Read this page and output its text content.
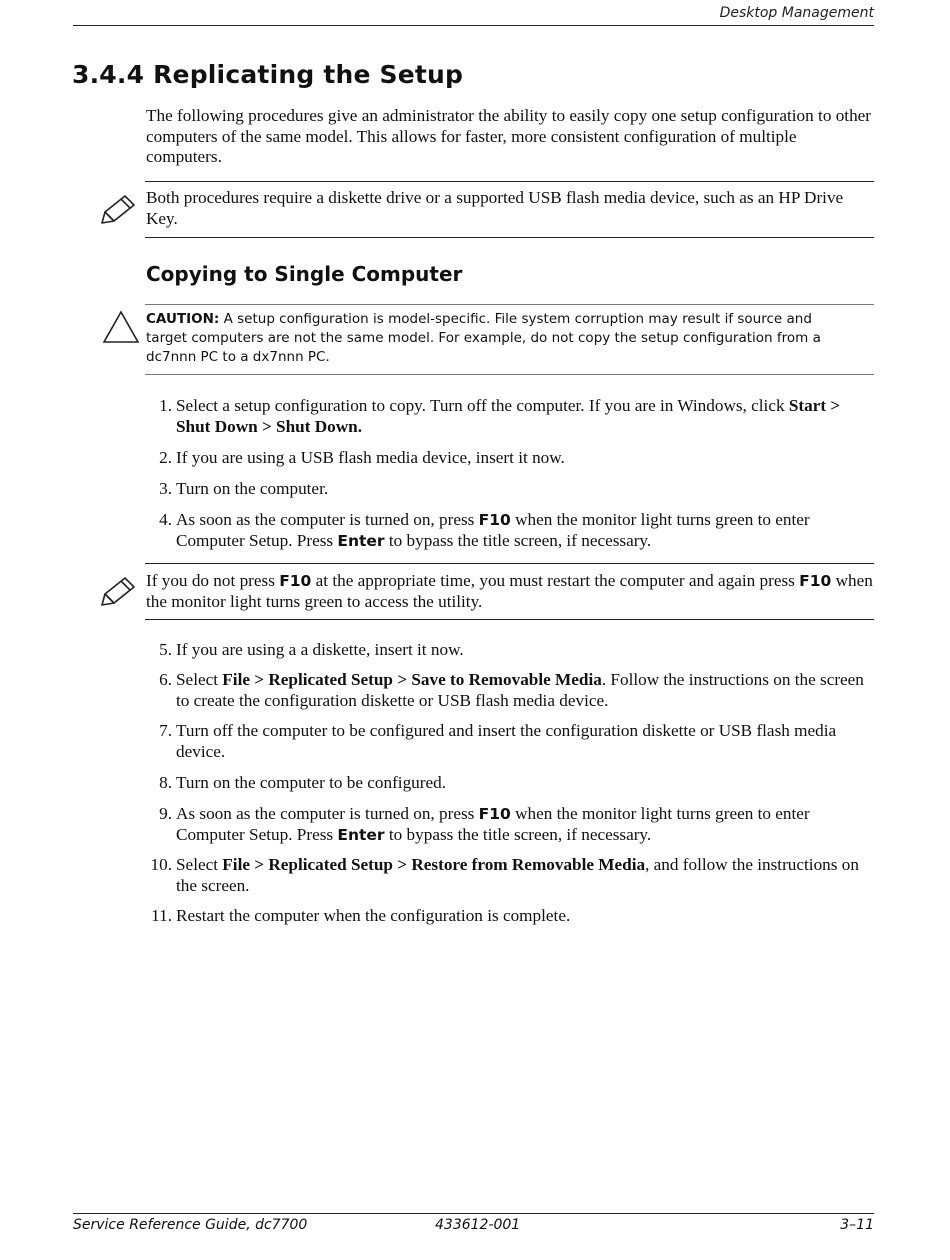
Desktop Management
3.4.4 Replicating the Setup
The following procedures give an administrator the ability to easily copy one setup configuration to other computers of the same model. This allows for faster, more consistent configuration of multiple computers.
Both procedures require a diskette drive or a supported USB flash media device, such as an HP Drive Key.
Copying to Single Computer
CAUTION: A setup configuration is model-specific. File system corruption may result if source and target computers are not the same model. For example, do not copy the setup configuration from a dc7nnn PC to a dx7nnn PC.
1. Select a setup configuration to copy. Turn off the computer. If you are in Windows, click Start > Shut Down > Shut Down.
2. If you are using a USB flash media device, insert it now.
3. Turn on the computer.
4. As soon as the computer is turned on, press F10 when the monitor light turns green to enter Computer Setup. Press Enter to bypass the title screen, if necessary.
If you do not press F10 at the appropriate time, you must restart the computer and again press F10 when the monitor light turns green to access the utility.
5. If you are using a a diskette, insert it now.
6. Select File > Replicated Setup > Save to Removable Media. Follow the instructions on the screen to create the configuration diskette or USB flash media device.
7. Turn off the computer to be configured and insert the configuration diskette or USB flash media device.
8. Turn on the computer to be configured.
9. As soon as the computer is turned on, press F10 when the monitor light turns green to enter Computer Setup. Press Enter to bypass the title screen, if necessary.
10. Select File > Replicated Setup > Restore from Removable Media, and follow the instructions on the screen.
11. Restart the computer when the configuration is complete.
Service Reference Guide, dc7700	433612-001	3–11
